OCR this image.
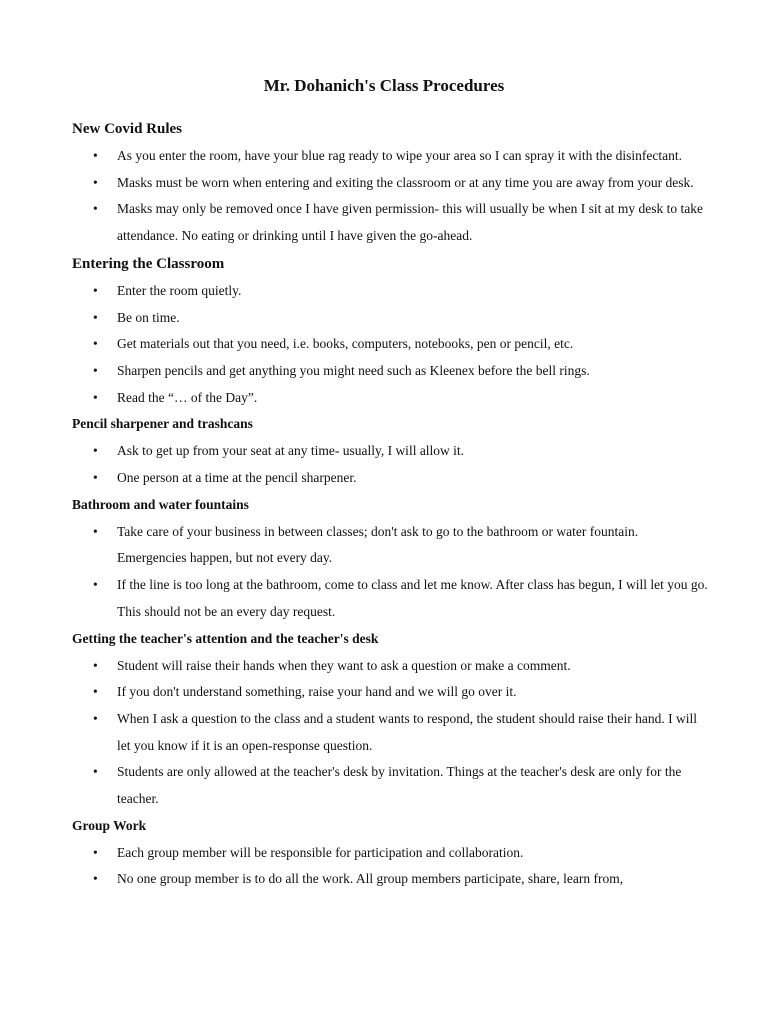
Mr. Dohanich's Class Procedures
New Covid Rules
• As you enter the room, have your blue rag ready to wipe your area so I can spray it with the disinfectant.
• Masks must be worn when entering and exiting the classroom or at any time you are away from your desk.
• Masks may only be removed once I have given permission- this will usually be when I sit at my desk to take attendance. No eating or drinking until I have given the go-ahead.
Entering the Classroom
• Enter the room quietly.
• Be on time.
• Get materials out that you need, i.e. books, computers, notebooks, pen or pencil, etc.
• Sharpen pencils and get anything you might need such as Kleenex before the bell rings.
• Read the “… of the Day”.
Pencil sharpener and trashcans
• Ask to get up from your seat at any time- usually, I will allow it.
• One person at a time at the pencil sharpener.
Bathroom and water fountains
• Take care of your business in between classes; don't ask to go to the bathroom or water fountain. Emergencies happen, but not every day.
• If the line is too long at the bathroom, come to class and let me know. After class has begun, I will let you go. This should not be an every day request.
Getting the teacher's attention and the teacher's desk
• Student will raise their hands when they want to ask a question or make a comment.
• If you don't understand something, raise your hand and we will go over it.
• When I ask a question to the class and a student wants to respond, the student should raise their hand. I will let you know if it is an open-response question.
• Students are only allowed at the teacher's desk by invitation. Things at the teacher's desk are only for the teacher.
Group Work
• Each group member will be responsible for participation and collaboration.
• No one group member is to do all the work. All group members participate, share, learn from,
